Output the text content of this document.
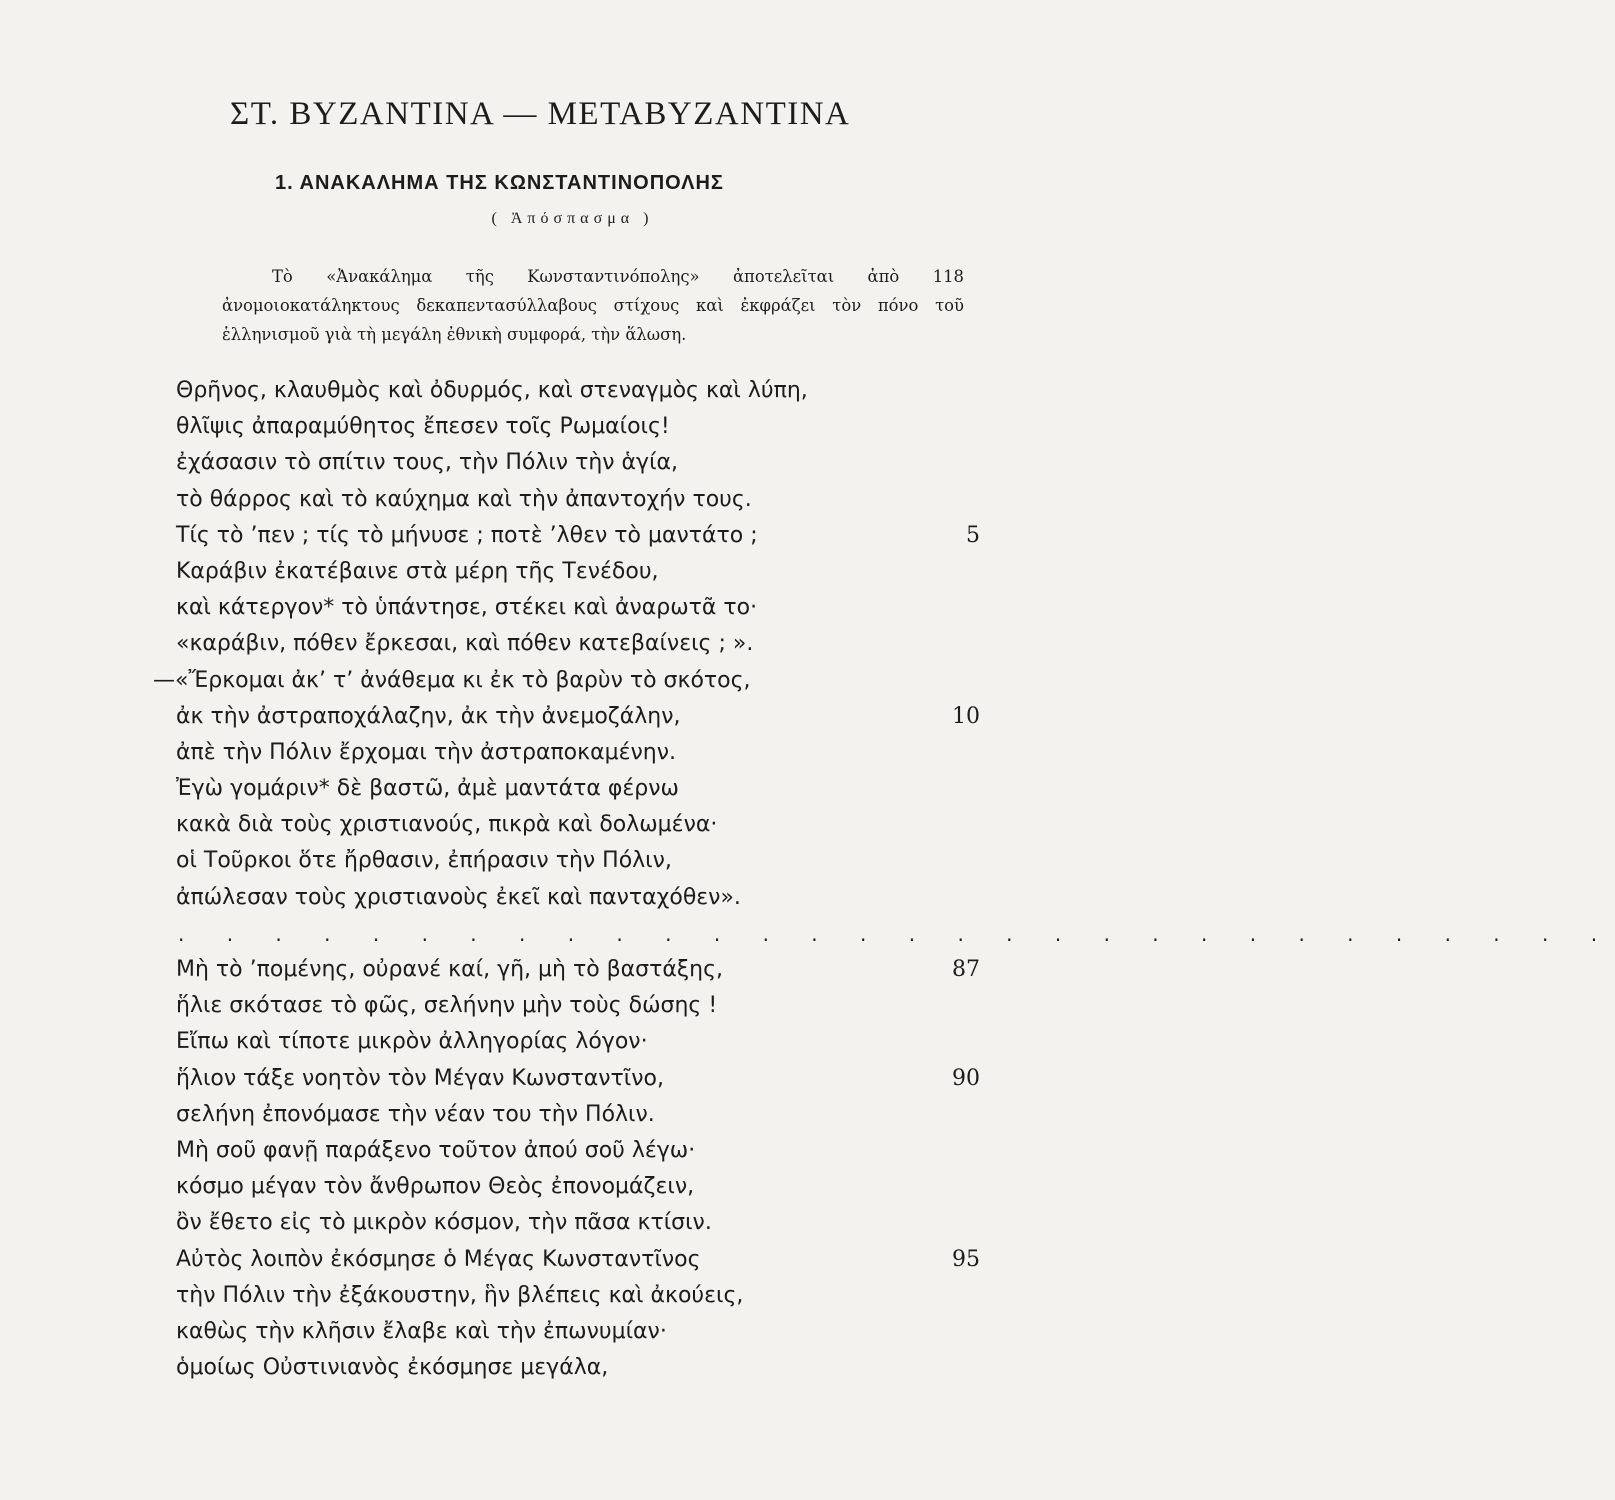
ΣΤ. ΒΥΖΑΝΤΙΝΑ — ΜΕΤΑΒΥΖΑΝΤΙΝΑ
1. ΑΝΑΚΑΛΗΜΑ ΤΗΣ ΚΩΝΣΤΑΝΤΙΝΟΠΟΛΗΣ
( Ἀπόσπασμα )

Τὸ «Ἀνακάλημα τῆς Κωνσταντινόπολης» ἀποτελεῖται ἀπὸ 118 ἀνομοιοκατάληκτους δεκαπεντασύλλαβους στίχους καὶ ἐκφράζει τὸν πόνο τοῦ ἑλληνισμοῦ γιὰ τὴ μεγάλη ἐθνικὴ συμφορά, τὴν ἅλωση.

Θρῆνος, κλαυθμὸς καὶ ὀδυρμός, καὶ στεναγμὸς καὶ λύπη,
θλῖψις ἀπαραμύθητος ἔπεσεν τοῖς Ρωμαίοις!
ἐχάσασιν τὸ σπίτιν τους, τὴν Πόλιν τὴν ἁγία,
τὸ θάρρος καὶ τὸ καύχημα καὶ τὴν ἀπαντοχήν τους.
Τίς τὸ ’πεν ; τίς τὸ μήνυσε ; ποτὲ ’λθεν τὸ μαντάτο ;	5
Καράβιν ἐκατέβαινε στὰ μέρη τῆς Τενέδου,
καὶ κάτεργον* τὸ ὑπάντησε, στέκει καὶ ἀναρωτᾶ το·
«καράβιν, πόθεν ἔρκεσαι, καὶ πόθεν κατεβαίνεις ; ».
—«Ἔρκομαι ἀκ’ τ’ ἀνάθεμα κι ἐκ τὸ βαρὺν τὸ σκότος,
ἀκ τὴν ἀστραποχάλαζην, ἀκ τὴν ἀνεμοζάλην,	10
ἀπὲ τὴν Πόλιν ἔρχομαι τὴν ἀστραποκαμένην.
Ἐγὼ γομάριν* δὲ βαστῶ, ἀμὲ μαντάτα φέρνω
κακὰ διὰ τοὺς χριστιανούς, πικρὰ καὶ δολωμένα·
οἱ Τοῦρκοι ὅτε ἤρθασιν, ἐπήρασιν τὴν Πόλιν,
ἀπώλεσαν τοὺς χριστιανοὺς ἐκεῖ καὶ πανταχόθεν».
. . . . . . . . . . . . . . . . . . . . . . . . . . . . . .
Μὴ τὸ ’πομένης, οὐρανέ καί, γῆ, μὴ τὸ βαστάξης,	87
ἥλιε σκότασε τὸ φῶς, σελήνην μὴν τοὺς δώσης !
Εἴπω καὶ τίποτε μικρὸν ἀλληγορίας λόγον·
ἥλιον τάξε νοητὸν τὸν Μέγαν Κωνσταντῖνο,	90
σελήνη ἐπονόμασε τὴν νέαν του τὴν Πόλιν.
Μὴ σοῦ φανῇ παράξενο τοῦτον ἀπού σοῦ λέγω·
κόσμο μέγαν τὸν ἄνθρωπον Θεὸς ἐπονομάζειν,
ὂν ἔθετο εἰς τὸ μικρὸν κόσμον, τὴν πᾶσα κτίσιν.
Αὐτὸς λοιπὸν ἐκόσμησε ὁ Μέγας Κωνσταντῖνος	95
τὴν Πόλιν τὴν ἐξάκουστην, ἣν βλέπεις καὶ ἀκούεις,
καθὼς τὴν κλῆσιν ἔλαβε καὶ τὴν ἐπωνυμίαν·
ὁμοίως Οὐστινιανὸς ἐκόσμησε μεγάλα,
